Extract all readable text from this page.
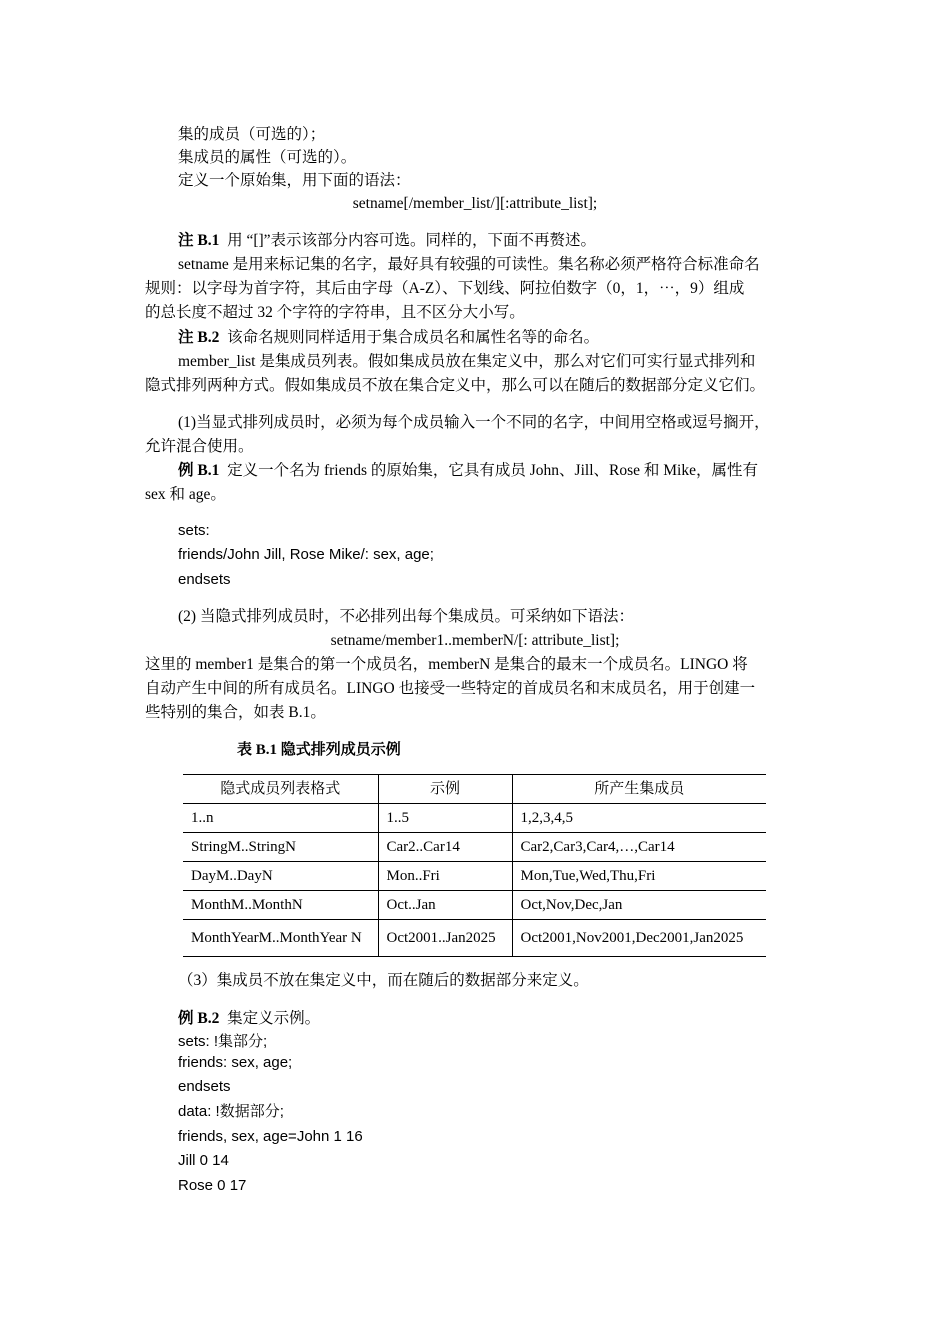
集的成员（可选的）；
集成员的属性（可选的）。
定义一个原始集，用下面的语法：
setname[/member_list/][:attribute_list];
注 B.1 用 “[]”表示该部分内容可选。同样的，下面不再赘述。
setname 是用来标记集的名字，最好具有较强的可读性。集名称必须严格符合标准命名
规则：以字母为首字符，其后由字母（A-Z）、下划线、阿拉伯数字（0，1，⋯，9）组成
的总长度不超过 32 个字符的字符串，且不区分大小写。
注 B.2 该命名规则同样适用于集合成员名和属性名等的命名。
member_list 是集成员列表。假如集成员放在集定义中，那么对它们可实行显式排列和
隐式排列两种方式。假如集成员不放在集合定义中，那么可以在随后的数据部分定义它们。
(1)当显式排列成员时，必须为每个成员输入一个不同的名字，中间用空格或逗号搁开，
允许混合使用。
例 B.1 定义一个名为 friends 的原始集，它具有成员 John、Jill、Rose 和 Mike，属性有
sex 和 age。
sets:
friends/John Jill, Rose Mike/: sex, age;
endsets
(2) 当隐式排列成员时，不必排列出每个集成员。可采纳如下语法：
setname/member1..memberN/[: attribute_list];
这里的 member1 是集合的第一个成员名，memberN 是集合的最末一个成员名。LINGO 将
自动产生中间的所有成员名。LINGO 也接受一些特定的首成员名和末成员名，用于创建一
些特别的集合，如表 B.1。
表 B.1 隐式排列成员示例
隐式成员列表格式	示例	所产生集成员
1..n	1..5	1,2,3,4,5
StringM..StringN	Car2..Car14	Car2,Car3,Car4,…,Car14
DayM..DayN	Mon..Fri	Mon,Tue,Wed,Thu,Fri
MonthM..MonthN	Oct..Jan	Oct,Nov,Dec,Jan
MonthYearM..MonthYear N	Oct2001..Jan2025	Oct2001,Nov2001,Dec2001,Jan2025
（3）集成员不放在集定义中，而在随后的数据部分来定义。
例 B.2 集定义示例。
sets: !集部分;
friends: sex, age;
endsets
data: !数据部分;
friends, sex, age=John 1 16
Jill 0 14
Rose 0 17
